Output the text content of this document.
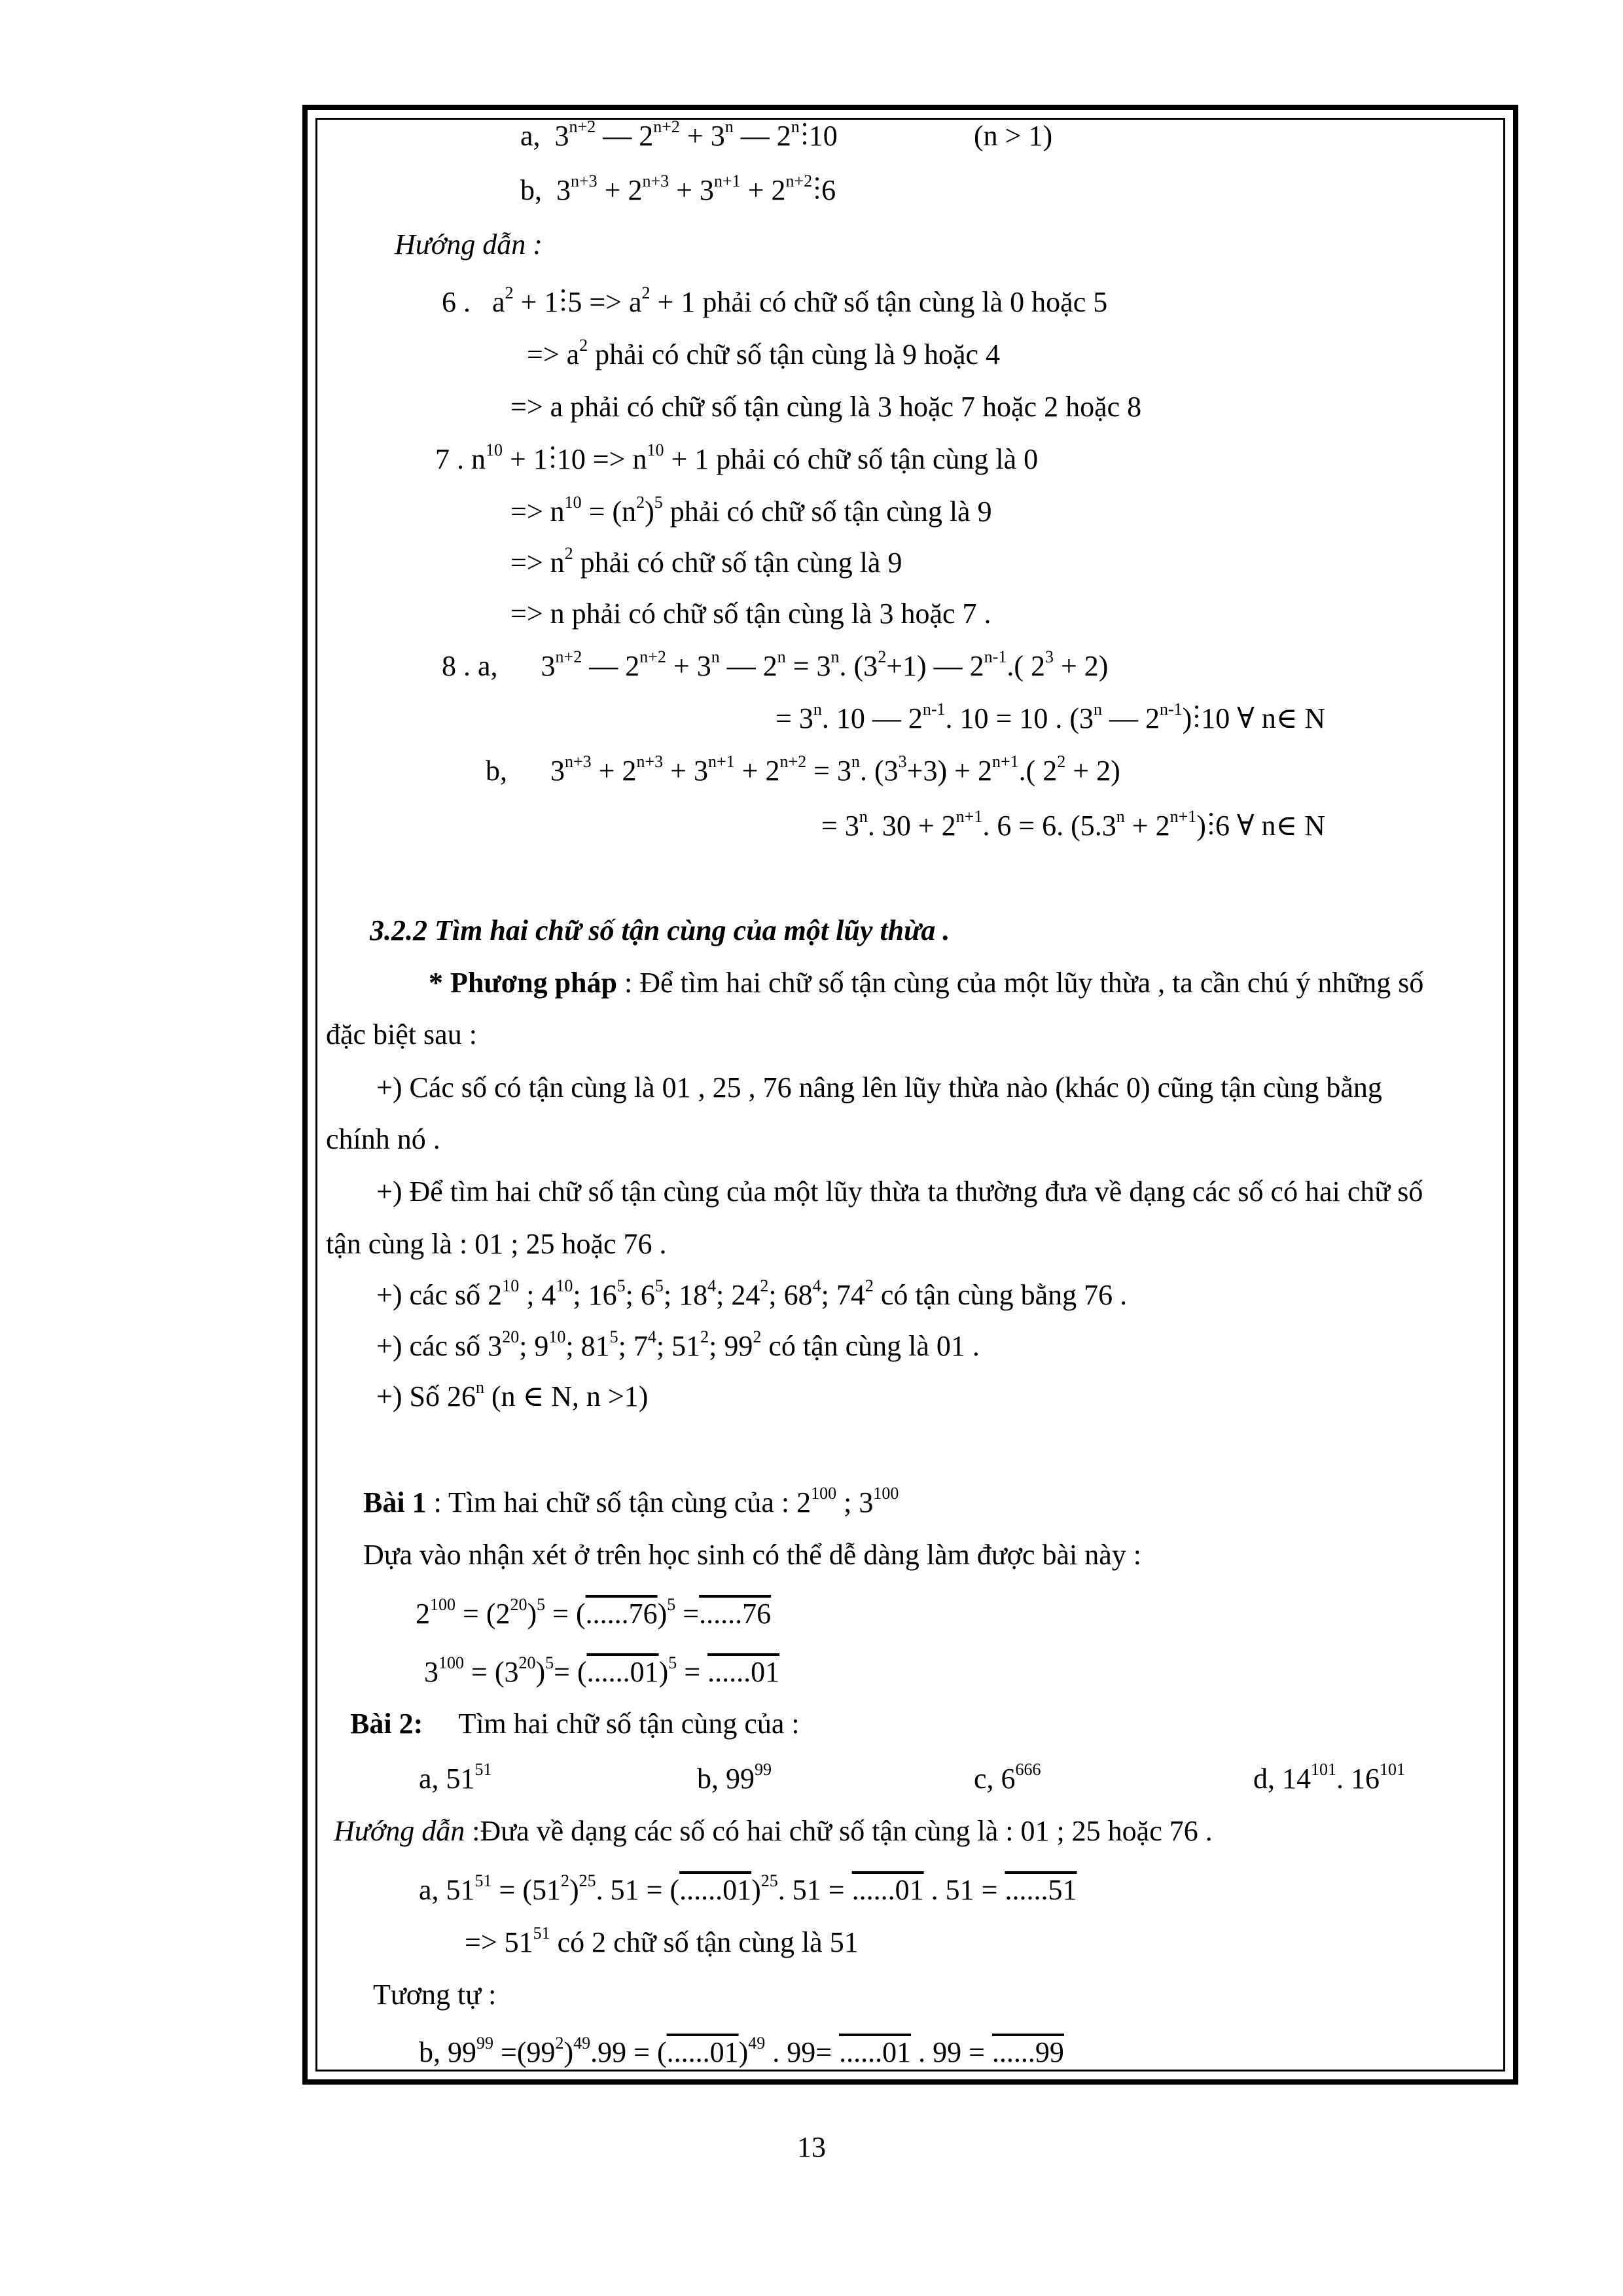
a, $3^{n+2}$ — $2^{n+2} + 3^n$ — 2$^n$ 10	(n > 1)
b, $3^{n+3} + 2^{n+3} + 3^{n+1} + 2^{n+2}$ 6
Hướng dẫn :
6 . $a^2 + 1$ $5 => a^2 + 1$ phải có chữ số tận cùng là 0 hoặc 5
=> $a^2$ phải có chữ số tận cùng là 9 hoặc 4
=> a phải có chữ số tận cùng là 3 hoặc 7 hoặc 2 hoặc 8
7 . $n^{10} + 1$ $10 => n^{10} + 1$ phải có chữ số tận cùng là 0
=> $n^{10} = (n^2)^5$ phải có chữ số tận cùng là 9
=> $n^2$ phải có chữ số tận cùng là 9
=> n phải có chữ số tận cùng là 3 hoặc 7 .
8 . a, $3^{n+2}$ — $2^{n+2} + 3^n$ — $2^n = 3^n$. $(3^2+1)$ — 2$^{n-1}$.( $2^3 + 2$)
= $3^n$. 10 — 2$^{n-1}$. 10 = 10 . (3$^n$ — 2$^{n-1}$) 10 ∀ n∈ N
b, $3^{n+3} + 2^{n+3} + 3^{n+1} + 2^{n+2} = 3^n$. $(3^3+3) + 2^{n+1}$.( $2^2 + 2$)
= $3^n$. $30 + 2^{n+1}$. 6 = 6. $(5.3^n + 2^{n+1})$ 6 ∀ n∈ N
3.2.2 Tìm hai chữ số tận cùng của một lũy thừa .
* Phương pháp : Để tìm hai chữ số tận cùng của một lũy thừa , ta cần chú ý những số
đặc biệt sau :
+) Các số có tận cùng là 01 , 25 , 76 nâng lên lũy thừa nào (khác 0) cũng tận cùng bằng
chính nó .
+) Để tìm hai chữ số tận cùng của một lũy thừa ta thường đưa về dạng các số có hai chữ số
tận cùng là : 01 ; 25 hoặc 76 .
+) các số $2^{10}$ ; $4^{10}$; $16^5$; $6^5$; $18^4$; $24^2$; $68^4$; $74^2$ có tận cùng bằng 76 .
+) các số $3^{20}$; $9^{10}$; $81^5$; $7^4$; $51^2$; $99^2$ có tận cùng là 01 .
+) Số 26$^n$ (n ∈ N, n >1)
Bài 1 : Tìm hai chữ số tận cùng của : $2^{100}$ ; $3^{100}$
Dựa vào nhận xét ở trên học sinh có thể dễ dàng làm được bài này :
$2^{100} = (2^{20})^5 = (......76)^5 =......76$
$3^{100} = (3^{20})^5= (......01)^5 = ......01$
Bài 2: Tìm hai chữ số tận cùng của :
a, $51^{51}$	b, $99^{99}$	c, $6^{666}$	d, $14^{101}$. $16^{101}$
Hướng dẫn :Đưa về dạng các số có hai chữ số tận cùng là : 01 ; 25 hoặc 76 .
a, $51^{51} = (51^2)^{25}$. $51 = (......01)^{25}$. 51 = ......01 . 51 = ......51
=> $51^{51}$ có 2 chữ số tận cùng là 51
Tương tự :
b, $99^{99} =(99^2)^{49}.99 = (......01)^{49}$ . 99= ......01 . 99 = ......99
13
